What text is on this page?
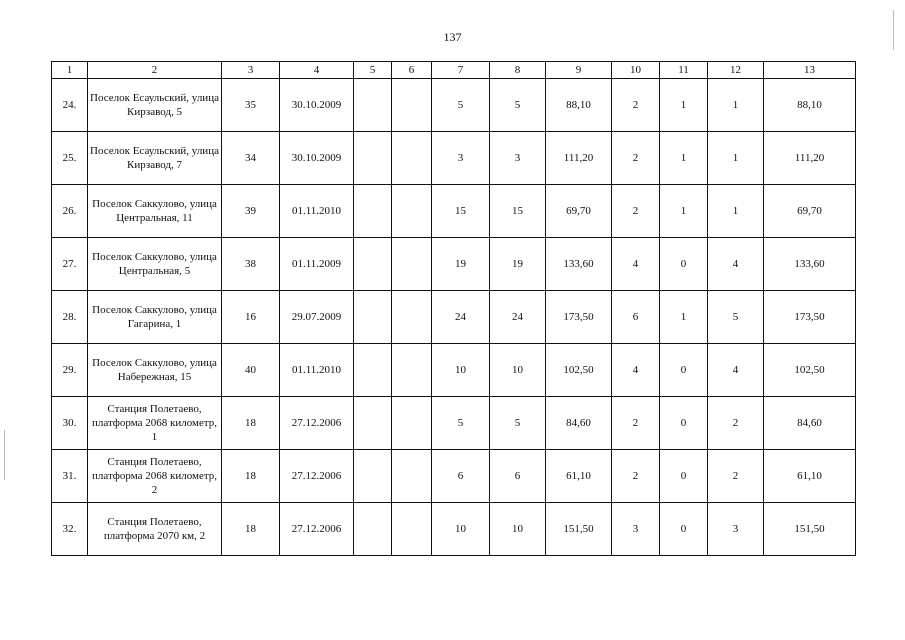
137
1	2	3	4	5	6	7	8	9	10	11	12	13
24.	Поселок Есаульский, улица Кирзавод, 5	35	30.10.2009			5	5	88,10	2	1	1	88,10
25.	Поселок Есаульский, улица Кирзавод, 7	34	30.10.2009			3	3	111,20	2	1	1	111,20
26.	Поселок Саккулово, улица Центральная, 11	39	01.11.2010			15	15	69,70	2	1	1	69,70
27.	Поселок Саккулово, улица Центральная, 5	38	01.11.2009			19	19	133,60	4	0	4	133,60
28.	Поселок Саккулово, улица Гагарина, 1	16	29.07.2009			24	24	173,50	6	1	5	173,50
29.	Поселок Саккулово, улица Набережная, 15	40	01.11.2010			10	10	102,50	4	0	4	102,50
30.	Станция Полетаево, платформа 2068 километр, 1	18	27.12.2006			5	5	84,60	2	0	2	84,60
31.	Станция Полетаево, платформа 2068 километр, 2	18	27.12.2006			6	6	61,10	2	0	2	61,10
32.	Станция Полетаево, платформа 2070 км, 2	18	27.12.2006			10	10	151,50	3	0	3	151,50
